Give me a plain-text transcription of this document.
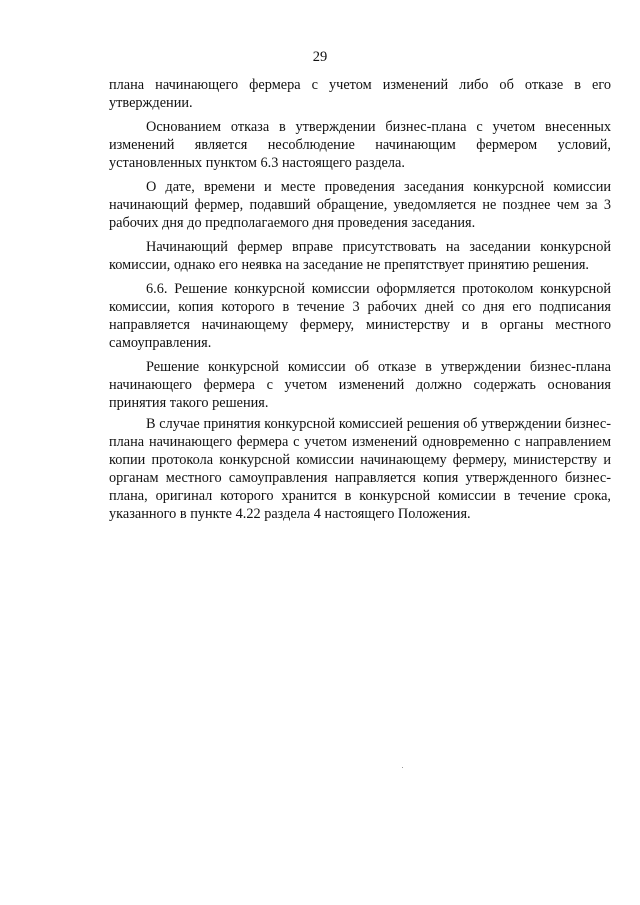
29

плана начинающего фермера с учетом изменений либо об отказе в его утверждении.

Основанием отказа в утверждении бизнес-плана с учетом внесенных изменений является несоблюдение начинающим фермером условий, установленных пунктом 6.3 настоящего раздела.

О дате, времени и месте проведения заседания конкурсной комиссии начинающий фермер, подавший обращение, уведомляется не позднее чем за 3 рабочих дня до предполагаемого дня проведения заседания.

Начинающий фермер вправе присутствовать на заседании конкурсной комиссии, однако его неявка на заседание не препятствует принятию решения.

6.6. Решение конкурсной комиссии оформляется протоколом конкурсной комиссии, копия которого в течение 3 рабочих дней со дня его подписания направляется начинающему фермеру, министерству и в органы местного самоуправления.

Решение конкурсной комиссии об отказе в утверждении бизнес-плана начинающего фермера с учетом изменений должно содержать основания принятия такого решения.

В случае принятия конкурсной комиссией решения об утверждении бизнес-плана начинающего фермера с учетом изменений одновременно с направлением копии протокола конкурсной комиссии начинающему фермеру, министерству и органам местного самоуправления направляется копия утвержденного бизнес-плана, оригинал которого хранится в конкурсной комиссии в течение срока, указанного в пункте 4.22 раздела 4 настоящего Положения.
